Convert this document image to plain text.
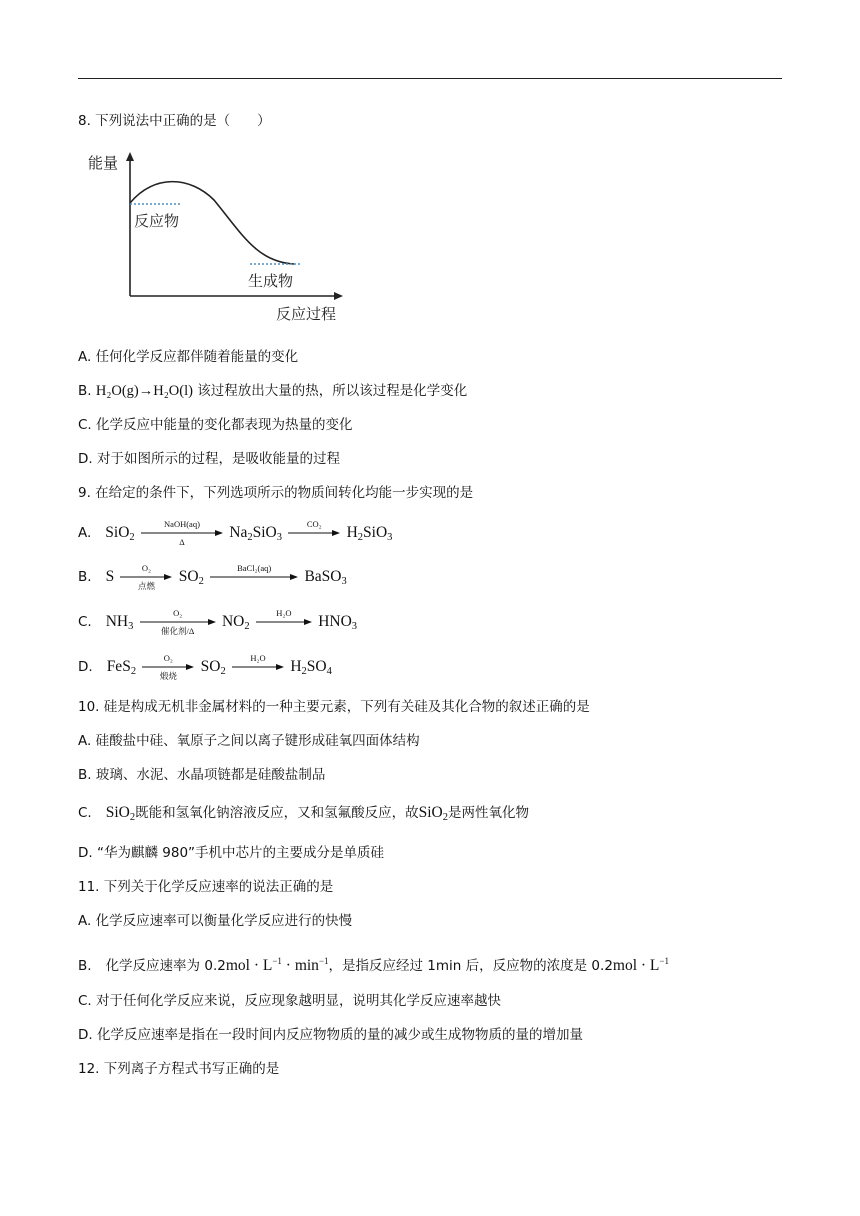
8. 下列说法中正确的是（　　）
能量
反应物
生成物
反应过程
A. 任何化学反应都伴随着能量的变化
B. H₂O(g)→H₂O(l) 该过程放出大量的热，所以该过程是化学变化
C. 化学反应中能量的变化都表现为热量的变化
D. 对于如图所示的过程，是吸收能量的过程
9. 在给定的条件下，下列选项所示的物质间转化均能一步实现的是
A. SiO$_2$
NaOH(aq)
Δ
$Na_2SiO_3$
CO₂	$H_2SiO_3$
B. S	O₂
点燃
$SO_2$
BaCl₂(aq)	BaSO$_3$
C. $NH_3$
O₂
催化剂/Δ
$NO_2$
H₂O	$HNO_3$
D. FeS$_2$
O₂
煅烧
$SO_2$
H₂O	$H_2SO_4$
10. 硅是构成无机非金属材料的一种主要元素，下列有关硅及其化合物的叙述正确的是
A. 硅酸盐中硅、氧原子之间以离子键形成硅氧四面体结构
B. 玻璃、水泥、水晶项链都是硅酸盐制品
C. SiO$_2$既能和氢氧化钠溶液反应，又和氢氟酸反应，故SiO$_2$是两性氧化物
D. “华为麒麟 980”手机中芯片的主要成分是单质硅
11. 下列关于化学反应速率的说法正确的是
A. 化学反应速率可以衡量化学反应进行的快慢
B. 化学反应速率为 $0.2mol \cdot L^{-1} \cdot \min^{-1}$，是指反应经过 1min 后，反应物的浓度是 $0.2mol \cdot L^{-1}$
C. 对于任何化学反应来说，反应现象越明显，说明其化学反应速率越快
D. 化学反应速率是指在一段时间内反应物物质的量的减少或生成物物质的量的增加量
12. 下列离子方程式书写正确的是
